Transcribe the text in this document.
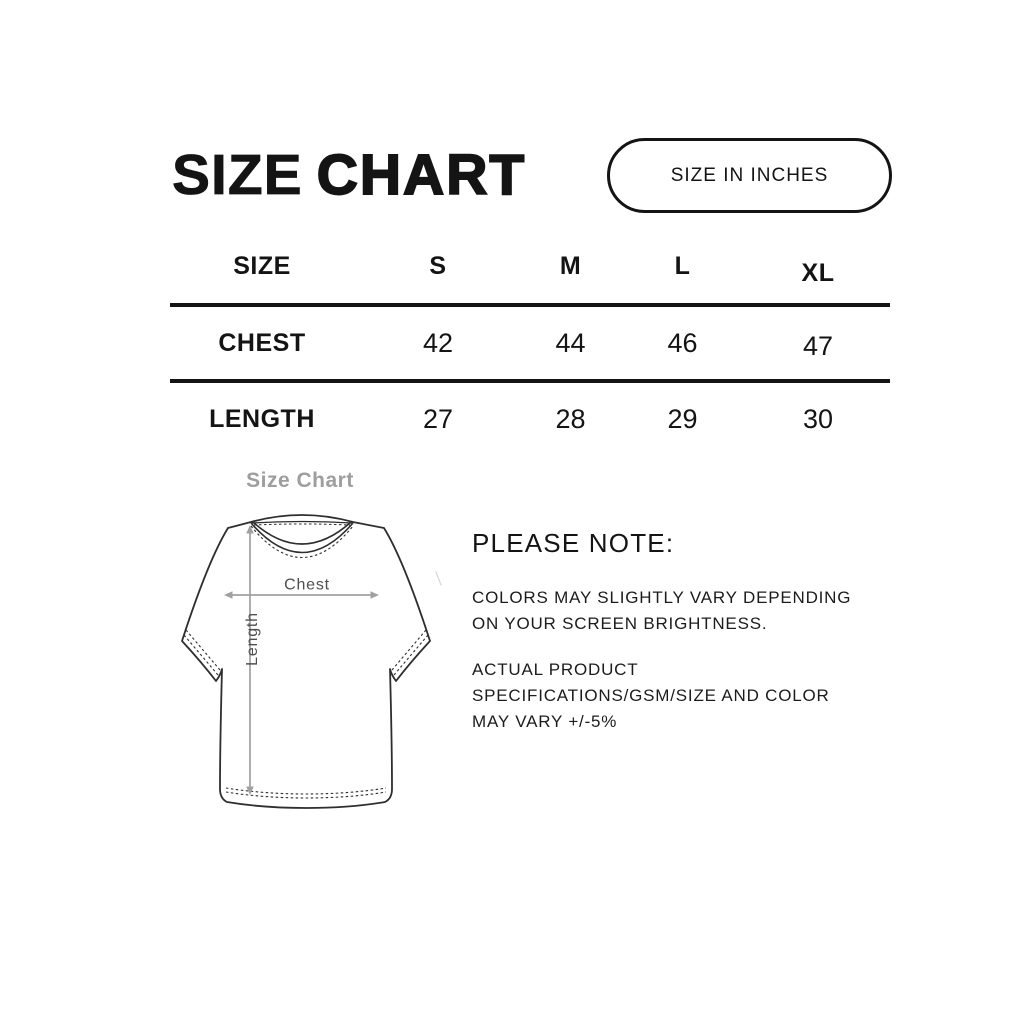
SIZE CHART	SIZE IN INCHES
SIZE	S	M	L	XL
CHEST	42	44	46	47
LENGTH	27	28	29	30
Size Chart
Chest
Length
PLEASE NOTE:
COLORS MAY SLIGHTLY VARY DEPENDING
ON YOUR SCREEN BRIGHTNESS.
ACTUAL PRODUCT
SPECIFICATIONS/GSM/SIZE AND COLOR
MAY VARY +/-5%
